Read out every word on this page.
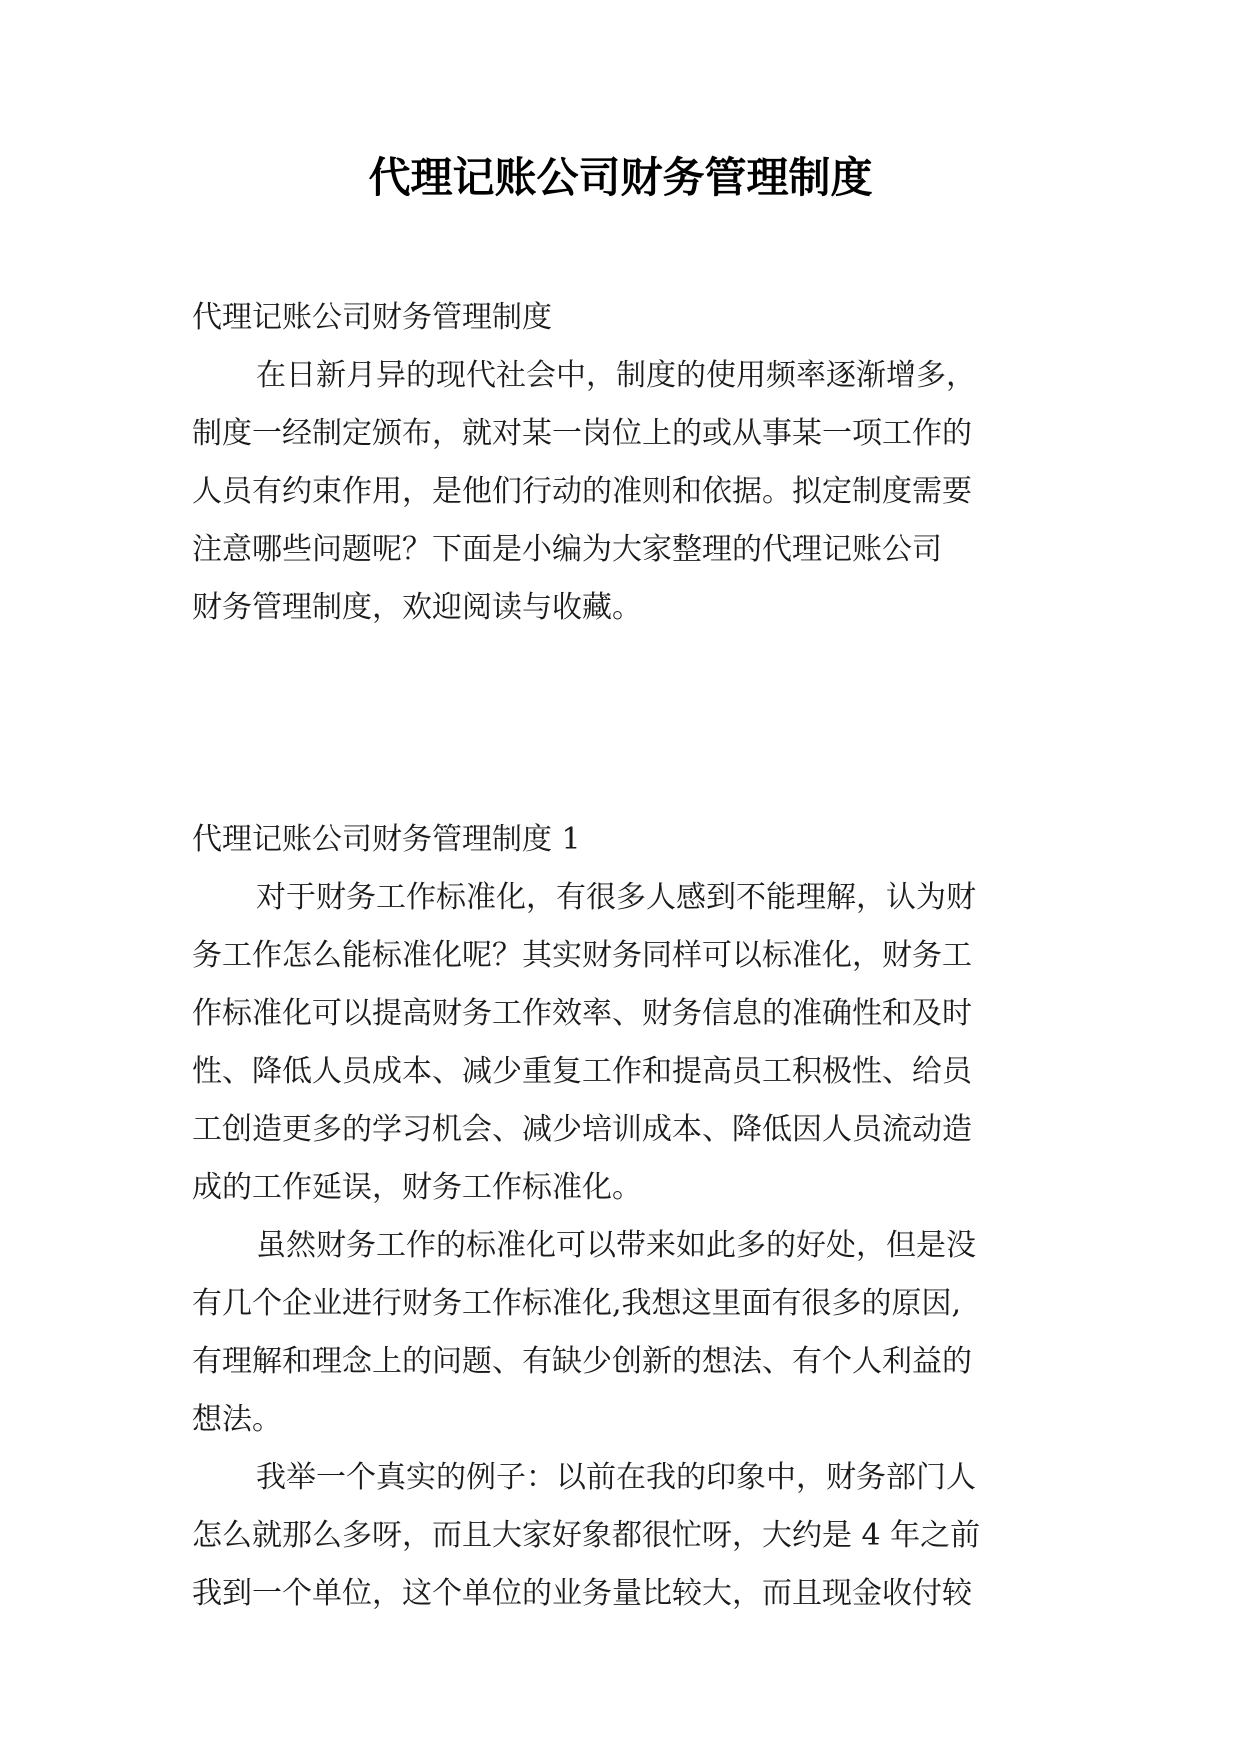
代理记账公司财务管理制度
代理记账公司财务管理制度
在日新月异的现代社会中，制度的使用频率逐渐增多，
制度一经制定颁布，就对某一岗位上的或从事某一项工作的
人员有约束作用，是他们行动的准则和依据。拟定制度需要
注意哪些问题呢？下面是小编为大家整理的代理记账公司
财务管理制度，欢迎阅读与收藏。
代理记账公司财务管理制度 1
对于财务工作标准化，有很多人感到不能理解，认为财
务工作怎么能标准化呢？其实财务同样可以标准化，财务工
作标准化可以提高财务工作效率、财务信息的准确性和及时
性、降低人员成本、减少重复工作和提高员工积极性、给员
工创造更多的学习机会、减少培训成本、降低因人员流动造
成的工作延误，财务工作标准化。
虽然财务工作的标准化可以带来如此多的好处，但是没
有几个企业进行财务工作标准化,我想这里面有很多的原因,
有理解和理念上的问题、有缺少创新的想法、有个人利益的
想法。
我举一个真实的例子：以前在我的印象中，财务部门人
怎么就那么多呀，而且大家好象都很忙呀，大约是 4 年之前
我到一个单位，这个单位的业务量比较大，而且现金收付较
